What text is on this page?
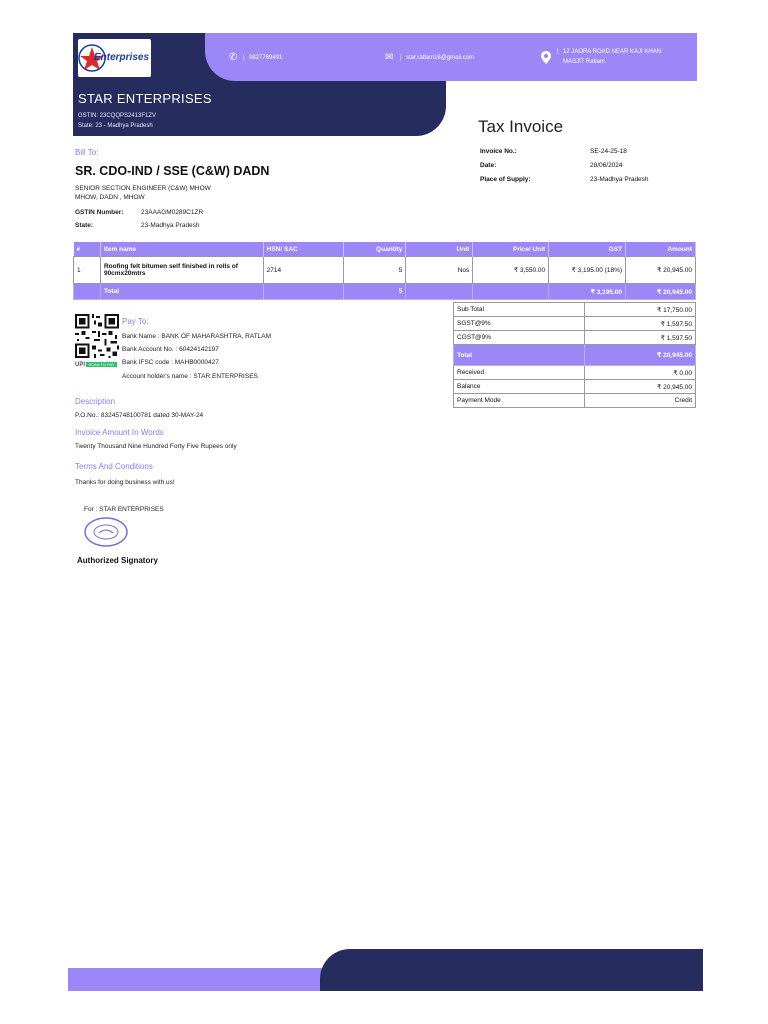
Enterprises	✆ | 9827769491	✉ | star.ratlam16@gmail.com
| 12 JAORA ROAD NEAR KAJI KHAN
MASJIT Ratlam
STAR ENTERPRISES
GSTIN: 23CQQPS2413F1ZV
State: 23 - Madhya Pradesh	Tax Invoice
Invoice No.:	SE-24-25-18
Date:	28/06/2024
Place of Supply:	23-Madhya Pradesh
Bill To:
SR. CDO-IND / SSE (C&W) DADN
SENIOR SECTION ENGINEER (C&W) MHOW
MHOW, DADN , MHOW
GSTIN Number:	23AAAGM0289C1ZR
State:	23-Madhya Pradesh
#	Item name	HSN/ SAC	Quantity	Unit	Price/ Unit	GST	Amount
1	Roofing felt bitumen self finished in rolls of 90cmx20mtrs	2714	5	Nos	₹ 3,550.00	₹ 3,195.00 (18%)	₹ 20,945.00
	Total		5			₹ 3,195.00	₹ 20,945.00
Sub Total	₹ 17,750.00
SGST@9%	₹ 1,597.50
CGST@9%	₹ 1,597.50
Total	₹ 20,945.00
Received	₹ 0.00
Balance	₹ 20,945.00
Payment Mode	Credit
UPI SCAN TO PAY
Pay To:
Bank Name : BANK OF MAHARASHTRA, RATLAM
Bank Account No. : 60424142197
Bank IFSC code : MAHB0000427
Account holder's name : STAR ENTERPRISES
Description
P.O.No.: 83245748100781 dated 30-MAY-24
Invoice Amount In Words
Twenty Thousand Nine Hundred Forty Five Rupees only
Terms And Conditions
Thanks for doing business with us!
For : STAR ENTERPRISES
Authorized Signatory
